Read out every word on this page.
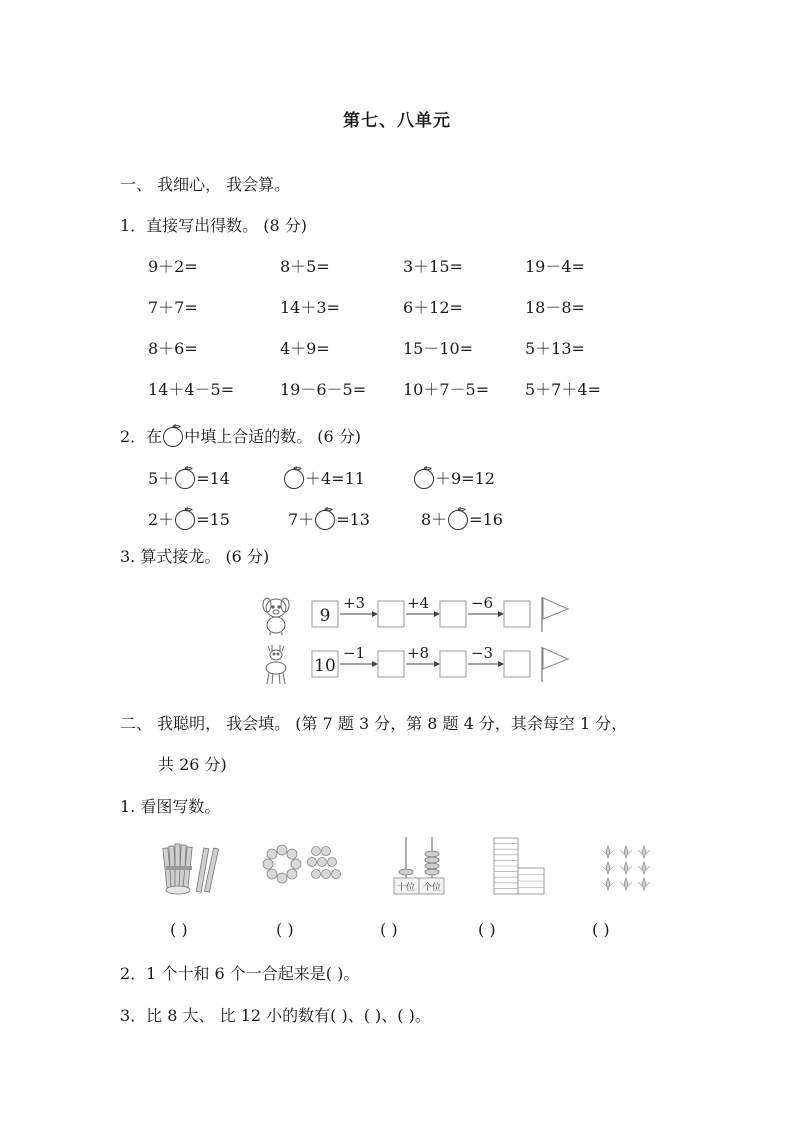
第七、八单元
一、 我细心， 我会算。
1．直接写出得数。 (8 分)
9＋2=	8＋5=	3＋15=	19－4=
7＋7=	14＋3=	6＋12=	18－8=
8＋6=	4＋9=	15－10=	5＋13=
14＋4－5=	19－6－5= 10＋7－5= 5＋7＋4=
2．在 中填上合适的数。 (6 分)
5＋ =14	＋4=11	＋9=12
2＋ =15	7＋ =13	8＋ =16
3. 算式接龙。 (6 分)
9
+3	+4	−6
10
−1	+8	−3
二、 我聪明， 我会填。 (第 7 题 3 分，第 8 题 4 分，其余每空 1 分，
共 26 分)
1. 看图写数。
十位 个位
( )	( )	( )	( )	( )
2．1 个十和 6 个一合起来是( )。
3．比 8 大、 比 12 小的数有( )、( )、( )。
